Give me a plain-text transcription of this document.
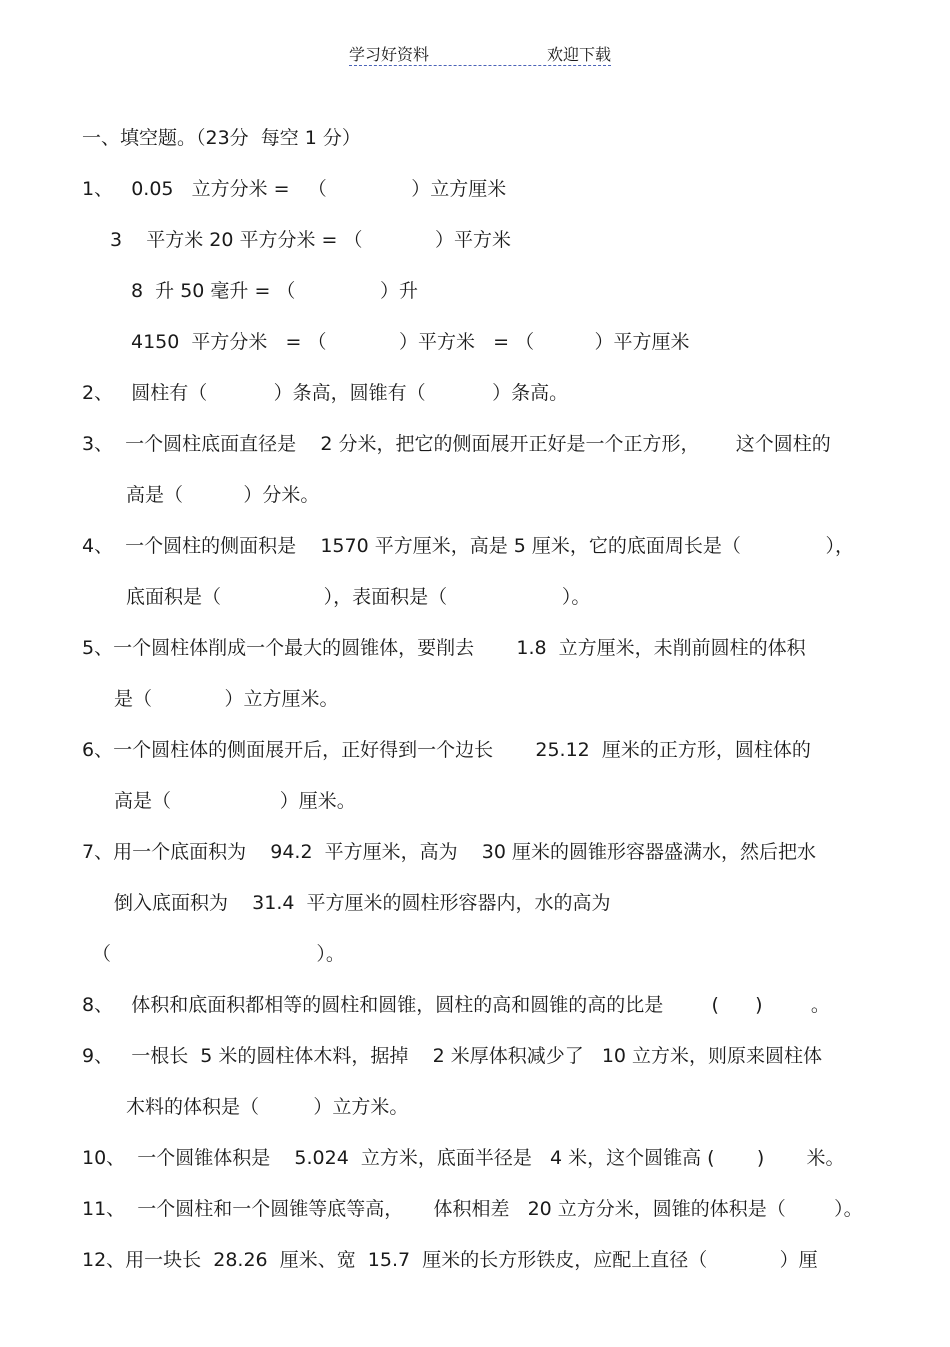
学习好资料	欢迎下载
一、填空题。（23分  每空 1 分）
1、   0.05   立方分米 =   （              ）立方厘米
3    平方米 20 平方分米 = （            ）平方米
8  升 50 毫升 = （              ）升
4150  平方分米   = （            ）平方米   = （          ）平方厘米
2、   圆柱有（           ）条高，圆锥有（           ）条高。
3、  一个圆柱底面直径是    2 分米，把它的侧面展开正好是一个正方形，      这个圆柱的
高是（          ）分米。
4、  一个圆柱的侧面积是    1570 平方厘米，高是 5 厘米，它的底面周长是（              ），
底面积是（                 ），表面积是（                   ）。
5、一个圆柱体削成一个最大的圆锥体，要削去       1.8  立方厘米，未削前圆柱的体积
是（            ）立方厘米。
6、一个圆柱体的侧面展开后，正好得到一个边长       25.12  厘米的正方形，圆柱体的
高是（                  ）厘米。
7、用一个底面积为    94.2  平方厘米，高为    30 厘米的圆锥形容器盛满水，然后把水
倒入底面积为    31.4  平方厘米的圆柱形容器内，水的高为
（                                  ）。
8、   体积和底面积都相等的圆柱和圆锥，圆柱的高和圆锥的高的比是        (      )        。
9、   一根长  5 米的圆柱体木料，据掉    2 米厚体积减少了   10 立方米，则原来圆柱体
木料的体积是（         ）立方米。
10、  一个圆锥体积是    5.024  立方米，底面半径是   4 米，这个圆锥高 (       )       米。
11、  一个圆柱和一个圆锥等底等高，     体积相差   20 立方分米，圆锥的体积是（        ）。
12、用一块长  28.26  厘米、宽  15.7  厘米的长方形铁皮，应配上直径（            ）厘
